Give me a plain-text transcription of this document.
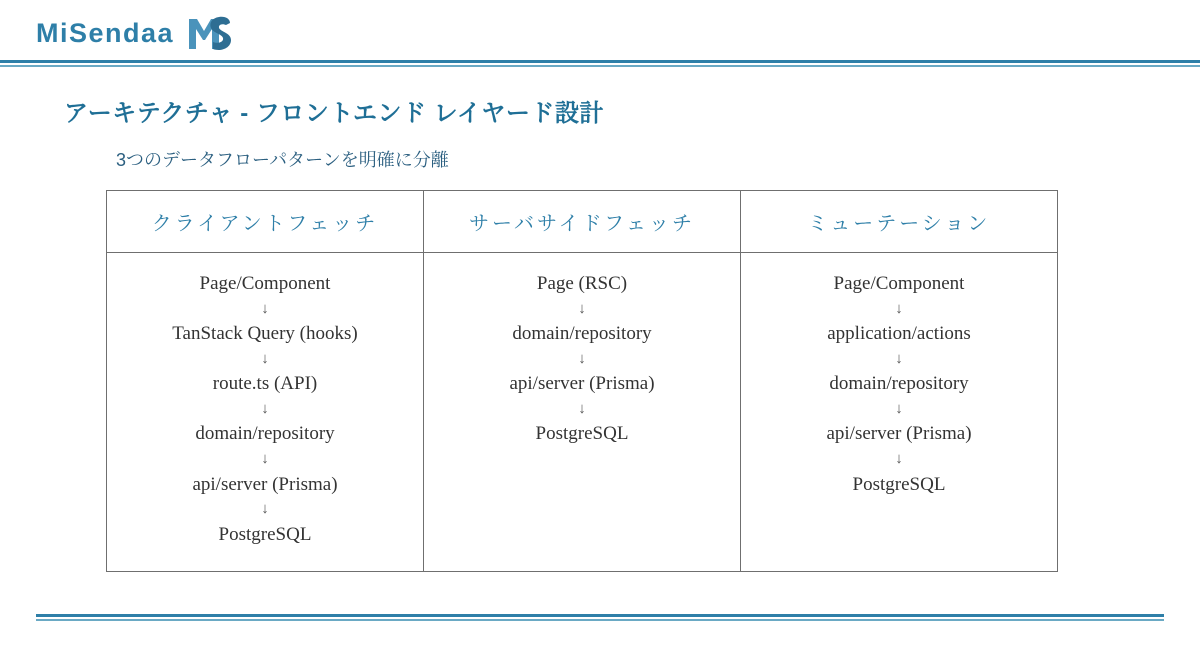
MiSendaa
アーキテクチャ - フロントエンド レイヤード設計
3つのデータフローパターンを明確に分離
クライアントフェッチ	サーバサイドフェッチ	ミューテーション
Page/Component
↓
TanStack Query (hooks)
↓
route.ts (API)
↓
domain/repository
↓
api/server (Prisma)
↓
PostgreSQL
Page (RSC)
↓
domain/repository
↓
api/server (Prisma)
↓
PostgreSQL
Page/Component
↓
application/actions
↓
domain/repository
↓
api/server (Prisma)
↓
PostgreSQL
